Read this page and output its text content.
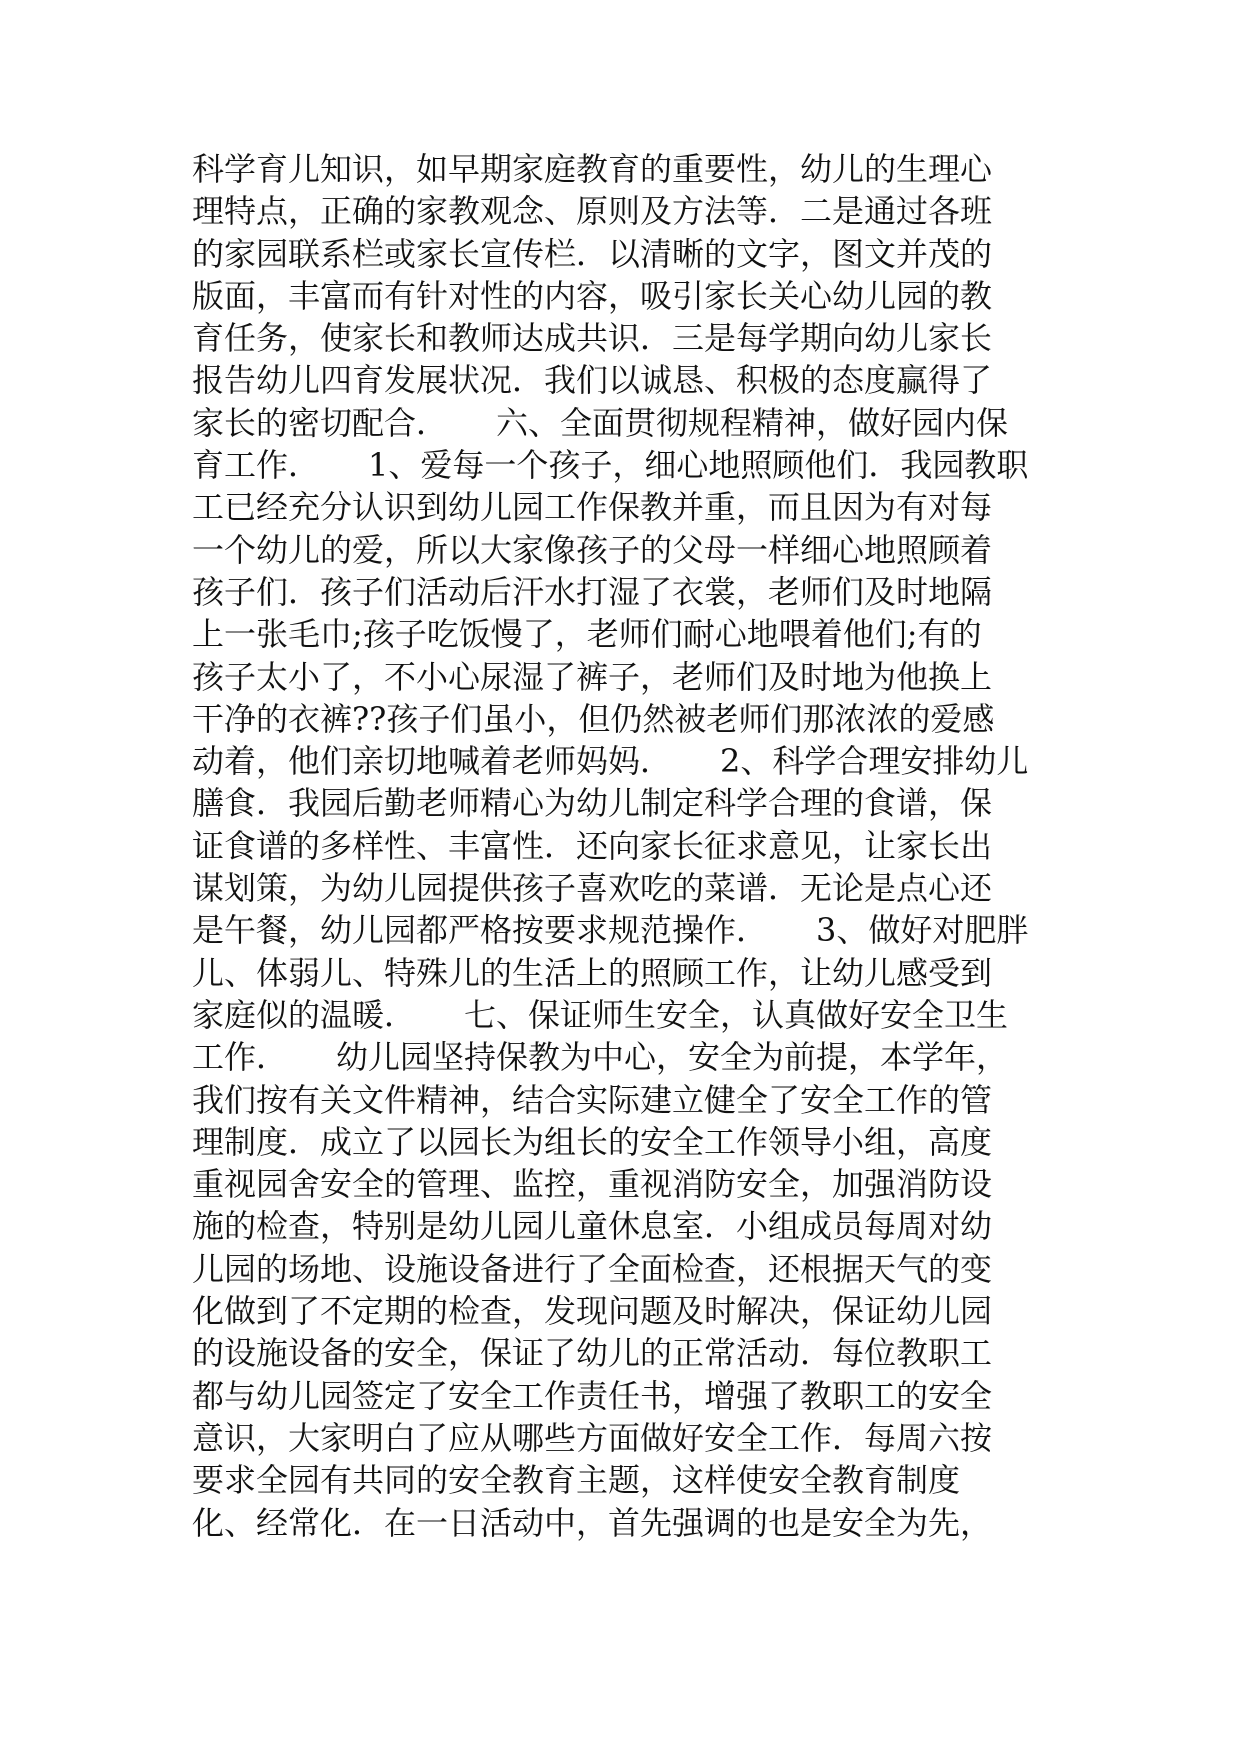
科学育儿知识，如早期家庭教育的重要性，幼儿的生理心
理特点，正确的家教观念、原则及方法等．二是通过各班
的家园联系栏或家长宣传栏．以清晰的文字，图文并茂的
版面，丰富而有针对性的内容，吸引家长关心幼儿园的教
育任务，使家长和教师达成共识．三是每学期向幼儿家长
报告幼儿四育发展状况．我们以诚恳、积极的态度赢得了
家长的密切配合．　　六、全面贯彻规程精神，做好园内保
育工作．　　1、爱每一个孩子，细心地照顾他们．我园教职
工已经充分认识到幼儿园工作保教并重，而且因为有对每
一个幼儿的爱，所以大家像孩子的父母一样细心地照顾着
孩子们．孩子们活动后汗水打湿了衣裳，老师们及时地隔
上一张毛巾;孩子吃饭慢了，老师们耐心地喂着他们;有的
孩子太小了，不小心尿湿了裤子，老师们及时地为他换上
干净的衣裤??孩子们虽小，但仍然被老师们那浓浓的爱感
动着，他们亲切地喊着老师妈妈．　　2、科学合理安排幼儿
膳食．我园后勤老师精心为幼儿制定科学合理的食谱，保
证食谱的多样性、丰富性．还向家长征求意见，让家长出
谋划策，为幼儿园提供孩子喜欢吃的菜谱．无论是点心还
是午餐，幼儿园都严格按要求规范操作．　　3、做好对肥胖
儿、体弱儿、特殊儿的生活上的照顾工作，让幼儿感受到
家庭似的温暖．　　七、保证师生安全，认真做好安全卫生
工作．　　幼儿园坚持保教为中心，安全为前提，本学年，
我们按有关文件精神，结合实际建立健全了安全工作的管
理制度．成立了以园长为组长的安全工作领导小组，高度
重视园舍安全的管理、监控，重视消防安全，加强消防设
施的检查，特别是幼儿园儿童休息室．小组成员每周对幼
儿园的场地、设施设备进行了全面检查，还根据天气的变
化做到了不定期的检查，发现问题及时解决，保证幼儿园
的设施设备的安全，保证了幼儿的正常活动．每位教职工
都与幼儿园签定了安全工作责任书，增强了教职工的安全
意识，大家明白了应从哪些方面做好安全工作．每周六按
要求全园有共同的安全教育主题，这样使安全教育制度
化、经常化．在一日活动中，首先强调的也是安全为先，
